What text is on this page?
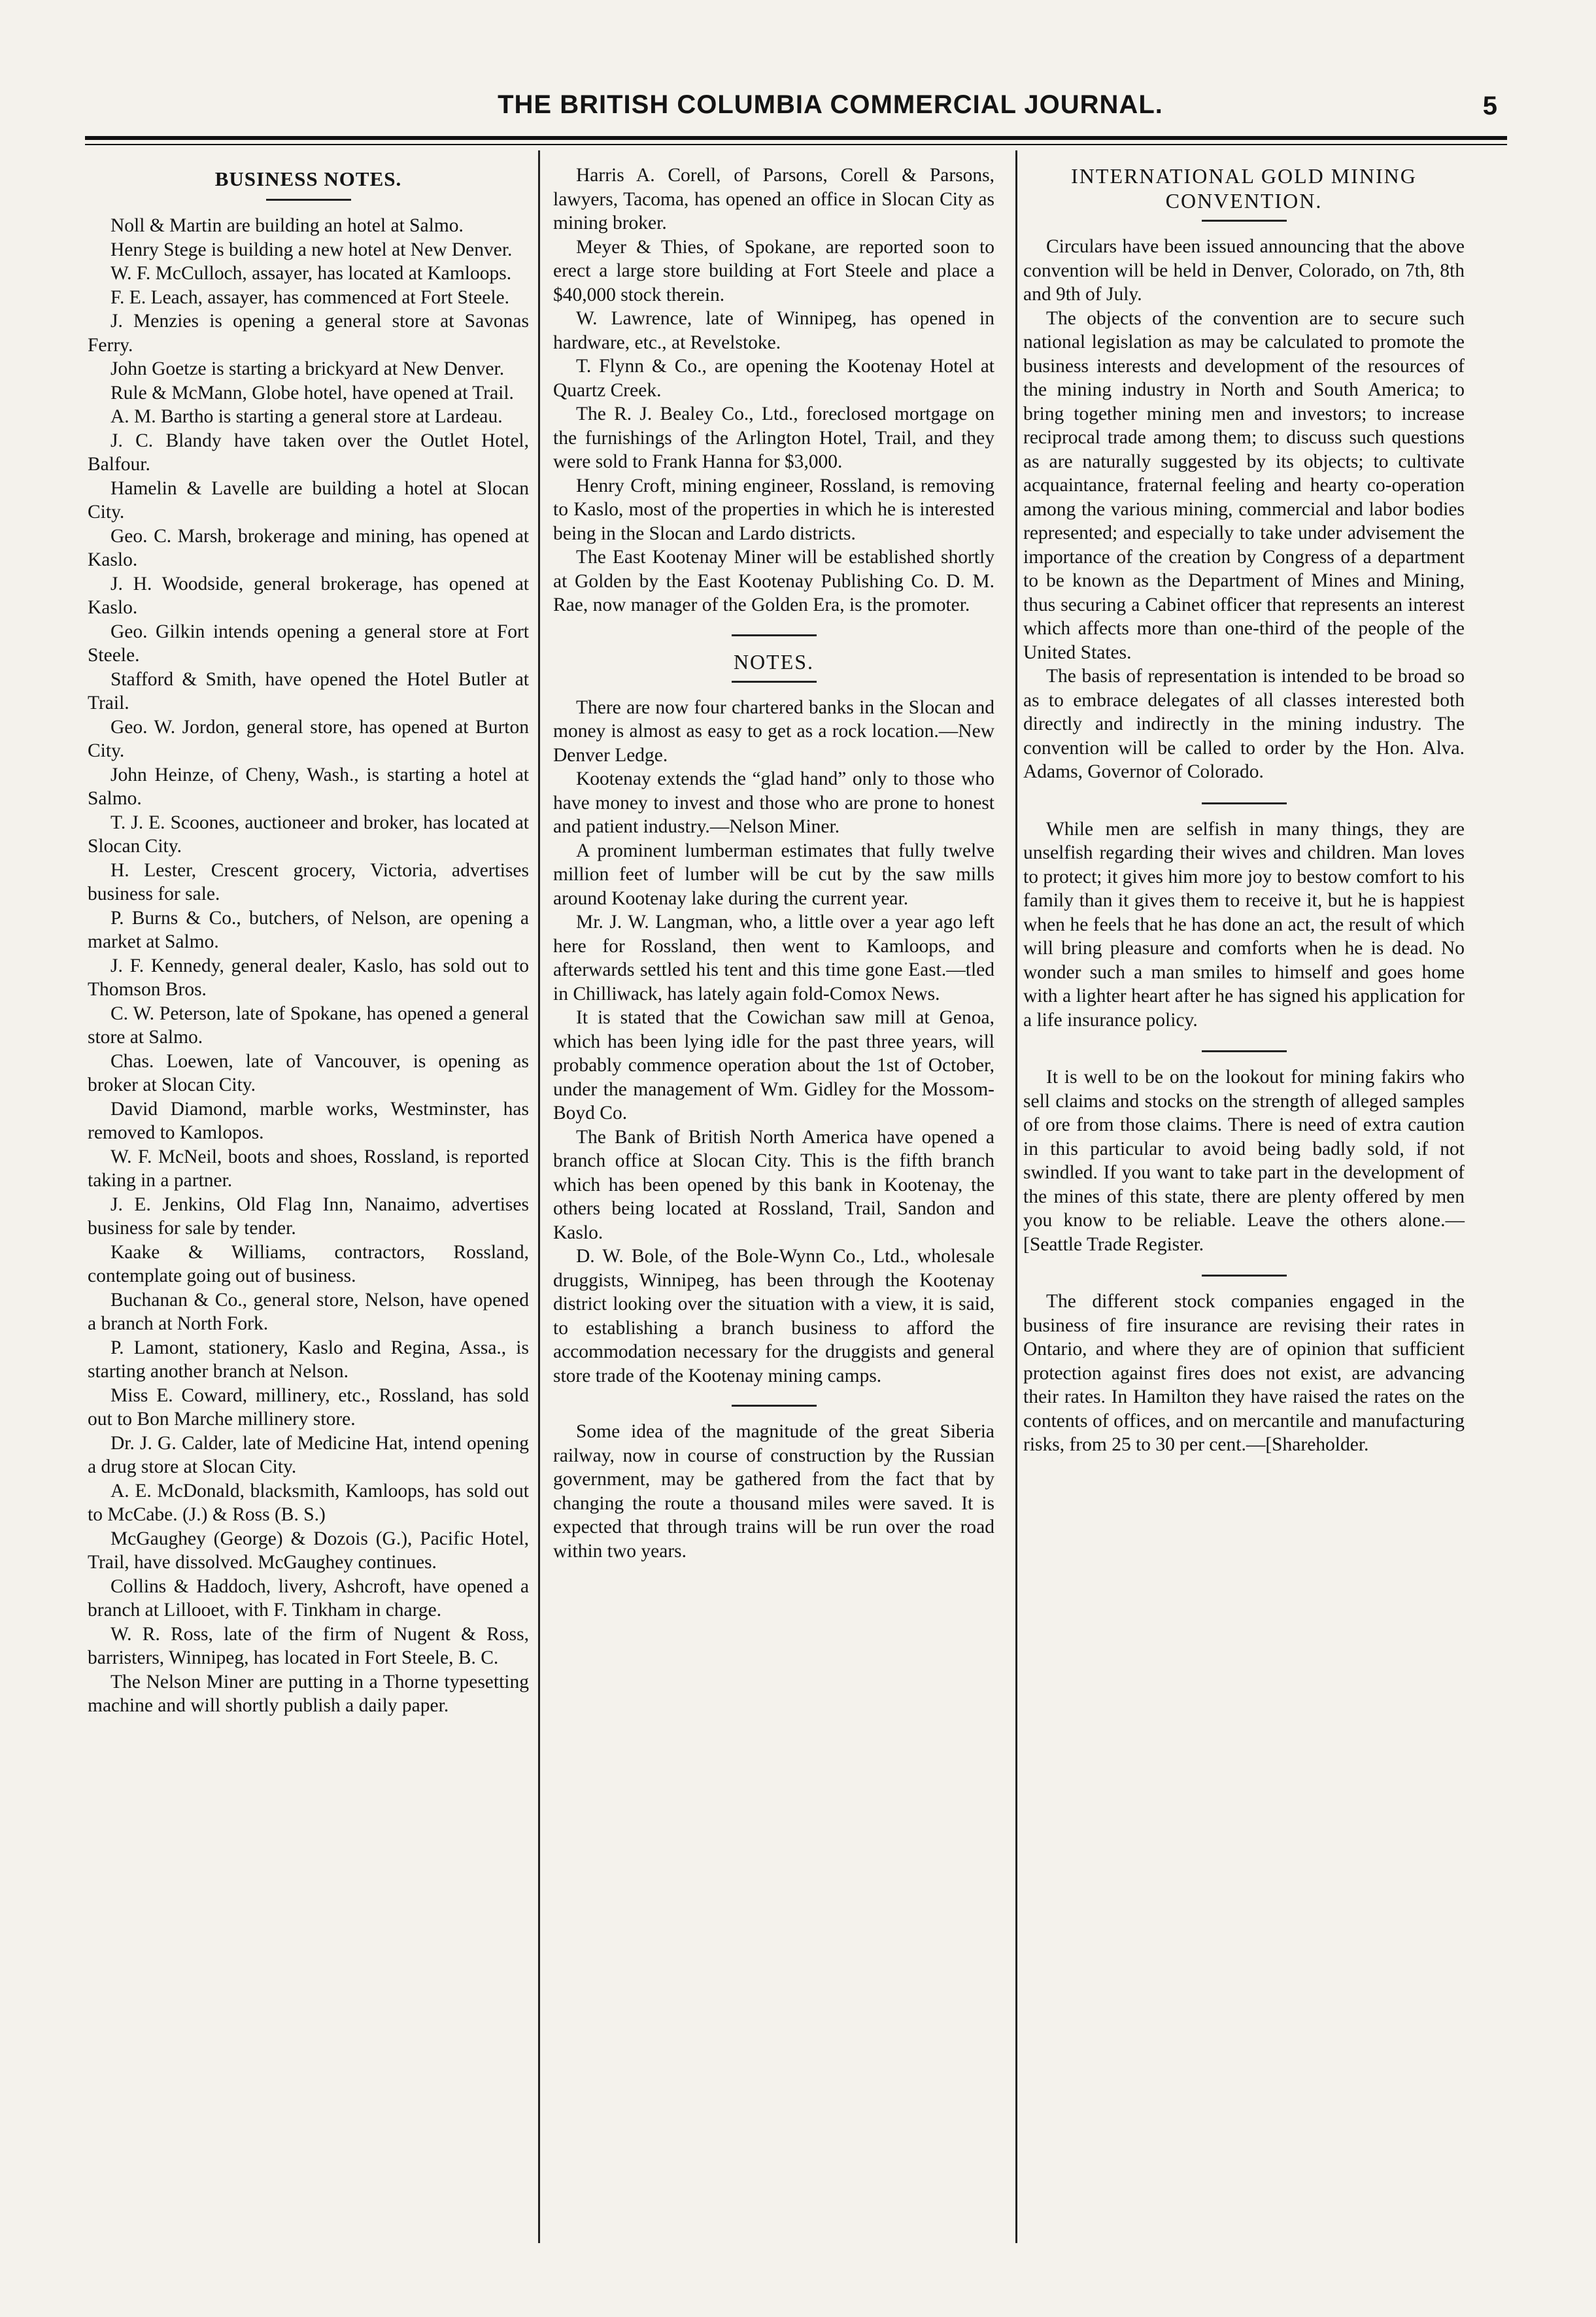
THE BRITISH COLUMBIA COMMERCIAL JOURNAL.	5
BUSINESS NOTES.

Noll & Martin are building an hotel at Salmo.

Henry Stege is building a new hotel at New Denver.

W. F. McCulloch, assayer, has located at Kamloops.

F. E. Leach, assayer, has commenced at Fort Steele.

J. Menzies is opening a general store at Savonas Ferry.

John Goetze is starting a brickyard at New Denver.

Rule & McMann, Globe hotel, have opened at Trail.

A. M. Bartho is starting a general store at Lardeau.

J. C. Blandy have taken over the Outlet Hotel, Balfour.

Hamelin & Lavelle are building a hotel at Slocan City.

Geo. C. Marsh, brokerage and mining, has opened at Kaslo.

J. H. Woodside, general brokerage, has opened at Kaslo.

Geo. Gilkin intends opening a general store at Fort Steele.

Stafford & Smith, have opened the Hotel Butler at Trail.

Geo. W. Jordon, general store, has opened at Burton City.

John Heinze, of Cheny, Wash., is starting a hotel at Salmo.

T. J. E. Scoones, auctioneer and broker, has located at Slocan City.

H. Lester, Crescent grocery, Victoria, advertises business for sale.

P. Burns & Co., butchers, of Nelson, are opening a market at Salmo.

J. F. Kennedy, general dealer, Kaslo, has sold out to Thomson Bros.

C. W. Peterson, late of Spokane, has opened a general store at Salmo.

Chas. Loewen, late of Vancouver, is opening as broker at Slocan City.

David Diamond, marble works, Westminster, has removed to Kamlopos.

W. F. McNeil, boots and shoes, Rossland, is reported taking in a partner.

J. E. Jenkins, Old Flag Inn, Nanaimo, advertises business for sale by tender.

Kaake & Williams, contractors, Rossland, contemplate going out of business.

Buchanan & Co., general store, Nelson, have opened a branch at North Fork.

P. Lamont, stationery, Kaslo and Regina, Assa., is starting another branch at Nelson.

Miss E. Coward, millinery, etc., Rossland, has sold out to Bon Marche millinery store.

Dr. J. G. Calder, late of Medicine Hat, intend opening a drug store at Slocan City.

A. E. McDonald, blacksmith, Kamloops, has sold out to McCabe. (J.) & Ross (B. S.)

McGaughey (George) & Dozois (G.), Pacific Hotel, Trail, have dissolved. McGaughey continues.

Collins & Haddoch, livery, Ashcroft, have opened a branch at Lillooet, with F. Tinkham in charge.

W. R. Ross, late of the firm of Nugent & Ross, barristers, Winnipeg, has located in Fort Steele, B. C.

The Nelson Miner are putting in a Thorne typesetting machine and will shortly publish a daily paper.

Harris A. Corell, of Parsons, Corell & Parsons, lawyers, Tacoma, has opened an office in Slocan City as mining broker.

Meyer & Thies, of Spokane, are reported soon to erect a large store building at Fort Steele and place a $40,000 stock therein.

W. Lawrence, late of Winnipeg, has opened in hardware, etc., at Revelstoke.

T. Flynn & Co., are opening the Kootenay Hotel at Quartz Creek.

The R. J. Bealey Co., Ltd., foreclosed mortgage on the furnishings of the Arlington Hotel, Trail, and they were sold to Frank Hanna for $3,000.

Henry Croft, mining engineer, Rossland, is removing to Kaslo, most of the properties in which he is interested being in the Slocan and Lardo districts.

The East Kootenay Miner will be established shortly at Golden by the East Kootenay Publishing Co. D. M. Rae, now manager of the Golden Era, is the promoter.

NOTES.

There are now four chartered banks in the Slocan and money is almost as easy to get as a rock location.—New Denver Ledge.

Kootenay extends the “glad hand” only to those who have money to invest and those who are prone to honest and patient industry.—Nelson Miner.

A prominent lumberman estimates that fully twelve million feet of lumber will be cut by the saw mills around Kootenay lake during the current year.

Mr. J. W. Langman, who, a little over a year ago left here for Rossland, then went to Kamloops, and afterwards settled his tent and this time gone East.—tled in Chilliwack, has lately again fold-Comox News.

It is stated that the Cowichan saw mill at Genoa, which has been lying idle for the past three years, will probably commence operation about the 1st of October, under the management of Wm. Gidley for the Mossom-Boyd Co.

The Bank of British North America have opened a branch office at Slocan City. This is the fifth branch which has been opened by this bank in Kootenay, the others being located at Rossland, Trail, Sandon and Kaslo.

D. W. Bole, of the Bole-Wynn Co., Ltd., wholesale druggists, Winnipeg, has been through the Kootenay district looking over the situation with a view, it is said, to establishing a branch business to afford the accommodation necessary for the druggists and general store trade of the Kootenay mining camps.

Some idea of the magnitude of the great Siberia railway, now in course of construction by the Russian government, may be gathered from the fact that by changing the route a thousand miles were saved. It is expected that through trains will be run over the road within two years.

INTERNATIONAL GOLD MINING CONVENTION.

Circulars have been issued announcing that the above convention will be held in Denver, Colorado, on 7th, 8th and 9th of July.

The objects of the convention are to secure such national legislation as may be calculated to promote the business interests and development of the resources of the mining industry in North and South America; to bring together mining men and investors; to increase reciprocal trade among them; to discuss such questions as are naturally suggested by its objects; to cultivate acquaintance, fraternal feeling and hearty co-operation among the various mining, commercial and labor bodies represented; and especially to take under advisement the importance of the creation by Congress of a department to be known as the Department of Mines and Mining, thus securing a Cabinet officer that represents an interest which affects more than one-third of the people of the United States.

The basis of representation is intended to be broad so as to embrace delegates of all classes interested both directly and indirectly in the mining industry. The convention will be called to order by the Hon. Alva. Adams, Governor of Colorado.

While men are selfish in many things, they are unselfish regarding their wives and children. Man loves to protect; it gives him more joy to bestow comfort to his family than it gives them to receive it, but he is happiest when he feels that he has done an act, the result of which will bring pleasure and comforts when he is dead. No wonder such a man smiles to himself and goes home with a lighter heart after he has signed his application for a life insurance policy.

It is well to be on the lookout for mining fakirs who sell claims and stocks on the strength of alleged samples of ore from those claims. There is need of extra caution in this particular to avoid being badly sold, if not swindled. If you want to take part in the development of the mines of this state, there are plenty offered by men you know to be reliable. Leave the others alone.—[Seattle Trade Register.

The different stock companies engaged in the business of fire insurance are revising their rates in Ontario, and where they are of opinion that sufficient protection against fires does not exist, are advancing their rates. In Hamilton they have raised the rates on the contents of offices, and on mercantile and manufacturing risks, from 25 to 30 per cent.—[Shareholder.
